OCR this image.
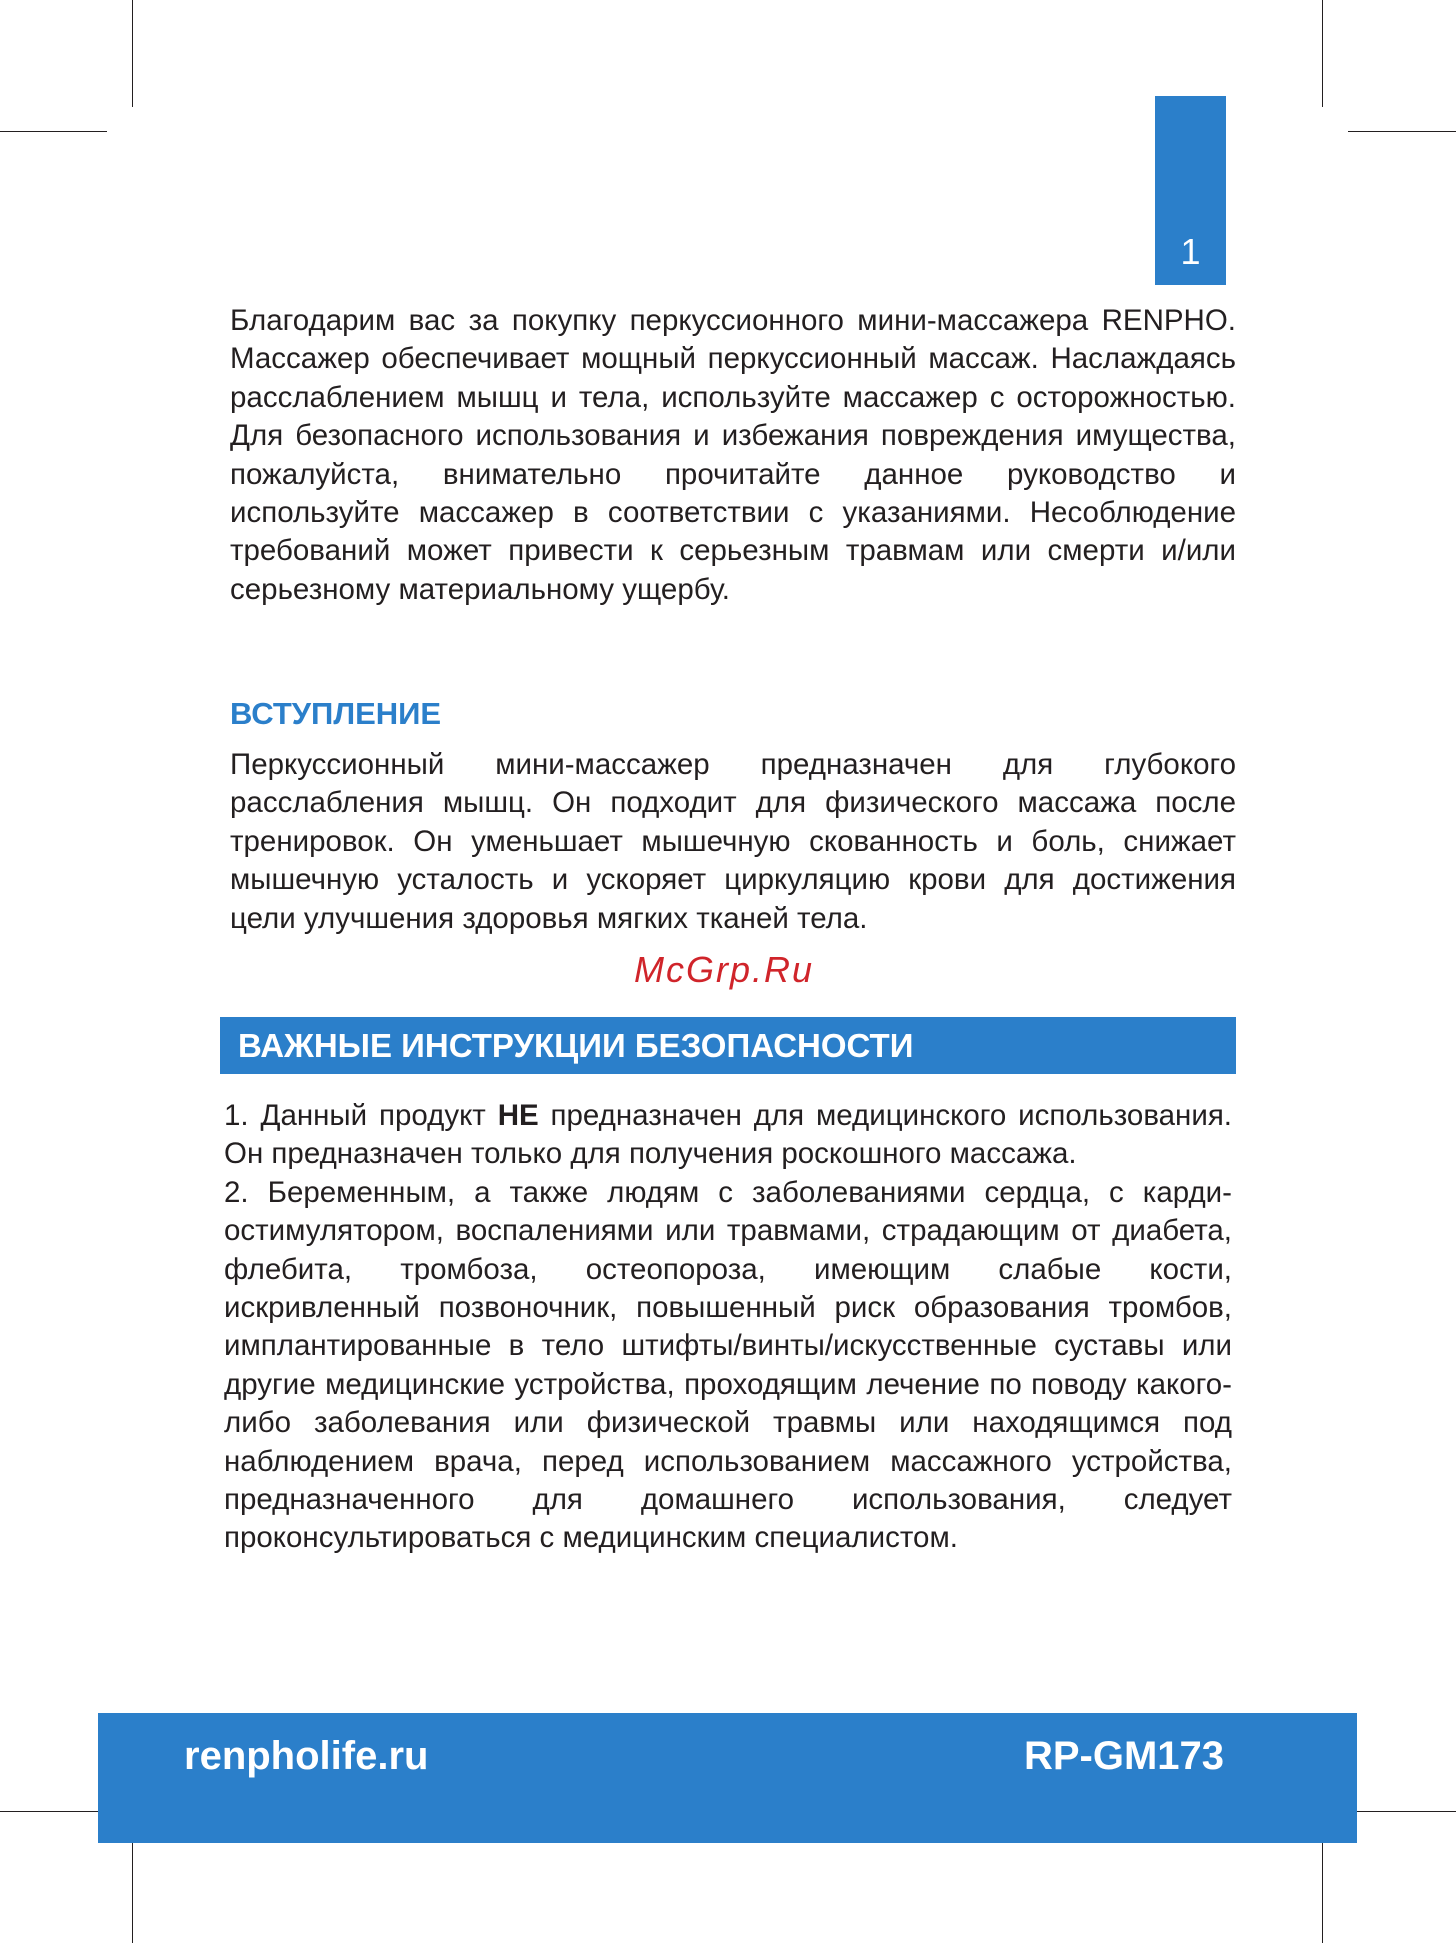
1
Благодарим вас за покупку перкуссионного мини-массажера RENPHO. Массажер обеспечивает мощный перкуссионный массаж. Наслаждаясь расслаблением мышц и тела, используйте массажер с осторожностью. Для безопасного использования и избежания повреждения имущества, пожалуйста, внимательно прочитайте данное руководство и используйте массажер в соответствии с указаниями. Несоблюдение требований может привести к серьезным травмам или смерти и/или серьезному материальному ущербу.
ВСТУПЛЕНИЕ
Перкуссионный мини-массажер предназначен для глубокого расслабления мышц. Он подходит для физического массажа после тренировок. Он уменьшает мышечную скованность и боль, снижает мышечную усталость и ускоряет циркуляцию крови для достижения цели улучшения здоровья мягких тканей тела.
McGrp.Ru
ВАЖНЫЕ ИНСТРУКЦИИ БЕЗОПАСНОСТИ

1. Данный продукт НЕ предназначен для медицинского использования. Он предназначен только для получения роскошного массажа.

2. Беременным, а также людям с заболеваниями сердца, с кардиостимулятором, воспалениями или травмами, страдающим от диабета, флебита, тромбоза, остеопороза, имеющим слабые кости, искривленный позвоночник, повышенный риск образования тромбов, имплантированные в тело штифты/винты/искусственные суставы или другие медицинские устройства, проходящим лечение по поводу какого-либо заболевания или физической травмы или находящимся под наблюдением врача, перед использованием массажного устройства, предназначенного для домашнего использования, следует проконсультироваться с медицинским специалистом.

renpholife.ru	RP-GM173
